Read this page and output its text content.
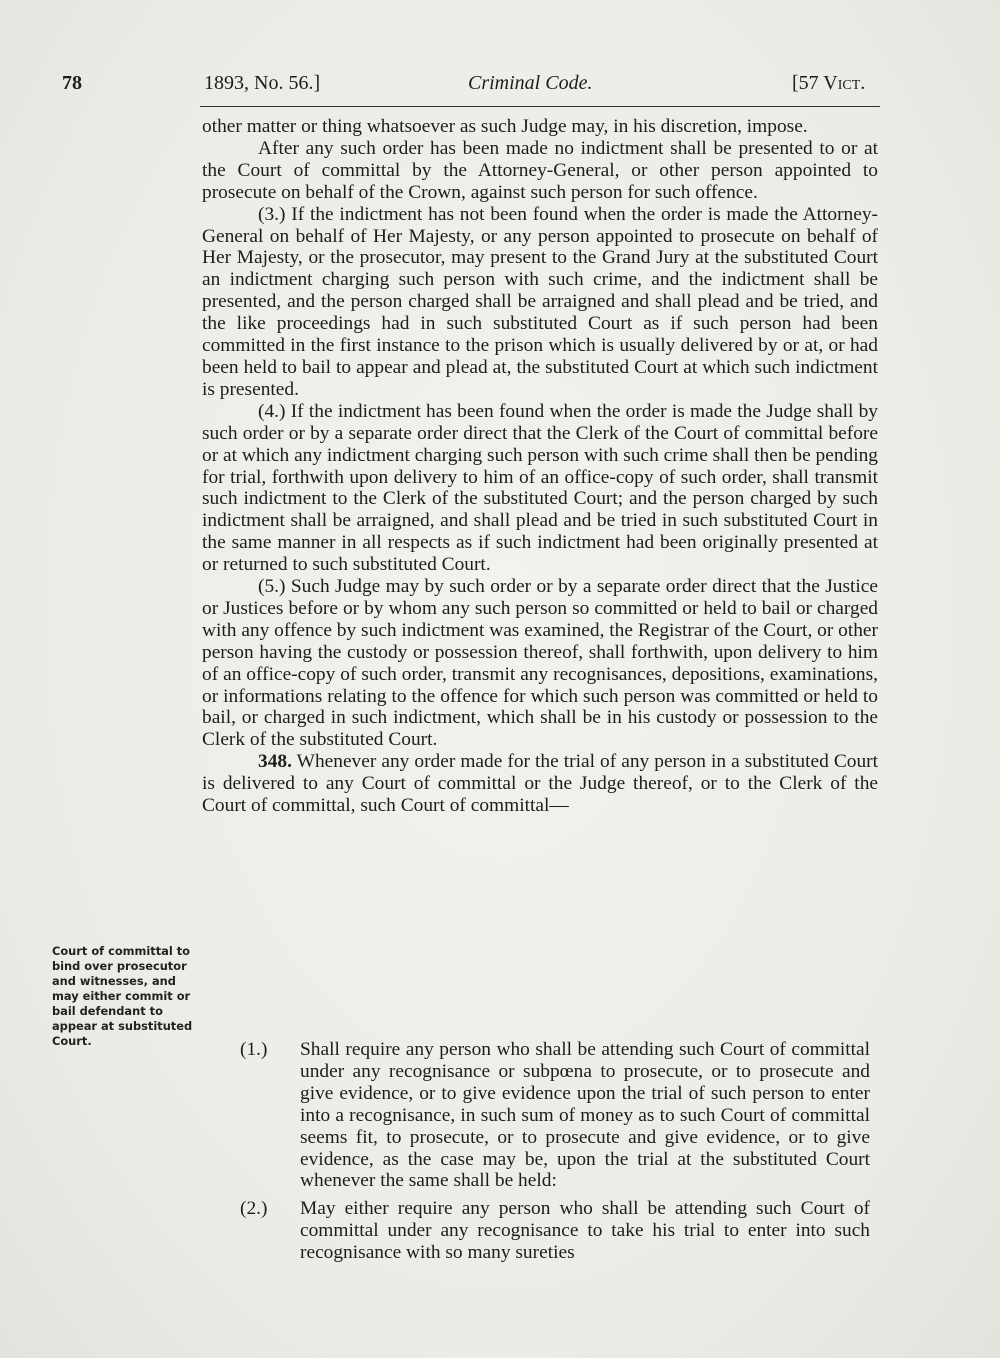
78	1893, No. 56.]	Criminal Code.	[57 Vict.

other matter or thing whatsoever as such Judge may, in his discretion, impose.

After any such order has been made no indictment shall be presented to or at the Court of committal by the Attorney-General, or other person appointed to prosecute on behalf of the Crown, against such person for such offence.

(3.) If the indictment has not been found when the order is made the Attorney-General on behalf of Her Majesty, or any person appointed to prosecute on behalf of Her Majesty, or the prosecutor, may present to the Grand Jury at the substituted Court an indictment charging such person with such crime, and the indictment shall be presented, and the person charged shall be arraigned and shall plead and be tried, and the like proceedings had in such substituted Court as if such person had been committed in the first instance to the prison which is usually delivered by or at, or had been held to bail to appear and plead at, the substituted Court at which such indictment is presented.

(4.) If the indictment has been found when the order is made the Judge shall by such order or by a separate order direct that the Clerk of the Court of committal before or at which any indictment charging such person with such crime shall then be pending for trial, forthwith upon delivery to him of an office-copy of such order, shall transmit such indictment to the Clerk of the substituted Court; and the person charged by such indictment shall be arraigned, and shall plead and be tried in such substituted Court in the same manner in all respects as if such indictment had been originally presented at or returned to such substituted Court.

(5.) Such Judge may by such order or by a separate order direct that the Justice or Justices before or by whom any such person so committed or held to bail or charged with any offence by such indictment was examined, the Registrar of the Court, or other person having the custody or possession thereof, shall forthwith, upon delivery to him of an office-copy of such order, transmit any recognisances, depositions, examinations, or informations relating to the offence for which such person was committed or held to bail, or charged in such indictment, which shall be in his custody or possession to the Clerk of the substituted Court.

348. Whenever any order made for the trial of any person in a substituted Court is delivered to any Court of committal or the Judge thereof, or to the Clerk of the Court of committal, such Court of committal—

(1.)	Shall require any person who shall be attending such Court of committal under any recognisance or subpœna to prosecute, or to prosecute and give evidence, or to give evidence upon the trial of such person to enter into a recognisance, in such sum of money as to such Court of committal seems fit, to prosecute, or to prosecute and give evidence, or to give evidence, as the case may be, upon the trial at the substituted Court whenever the same shall be held:
(2.)	May either require any person who shall be attending such Court of committal under any recognisance to take his trial to enter into such recognisance with so many sureties
Court of committal to bind over prosecutor and witnesses, and may either commit or bail defendant to appear at substituted Court.
